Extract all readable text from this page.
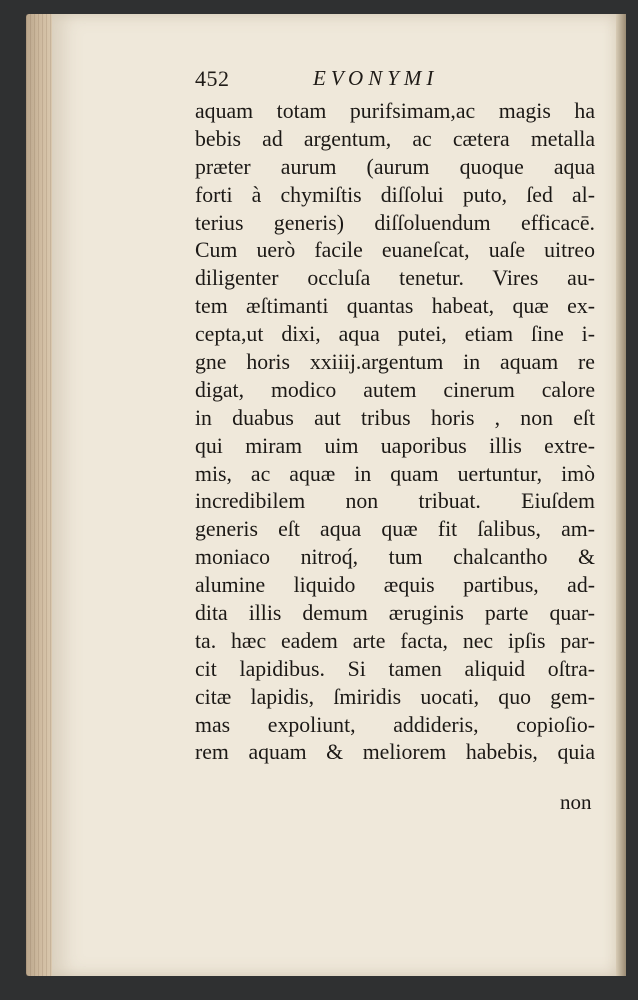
452	EVONYMI
aquam totam purifsimam,ac magis ha
bebis ad argentum, ac cætera metalla
præter aurum (aurum quoque aqua
forti à chymiſtis diſſolui puto, ſed al-
terius generis) diſſoluendum efficacē.
Cum uerò facile euaneſcat, uaſe uitreo
diligenter occluſa tenetur. Vires au-
tem æſtimanti quantas habeat, quæ ex-
cepta,ut dixi, aqua putei, etiam ſine i-
gne horis xxiiij.argentum in aquam re
digat, modico autem cinerum calore
in duabus aut tribus horis , non eſt
qui miram uim uaporibus illis extre-
mis, ac aquæ in quam uertuntur, imò
incredibilem non tribuat. Eiuſdem
generis eſt aqua quæ fit ſalibus, am-
moniaco nitroq́, tum chalcantho &
alumine liquido æquis partibus, ad-
dita illis demum æruginis parte quar-
ta. hæc eadem arte facta, nec ipſis par-
cit lapidibus. Si tamen aliquid oſtra-
citæ lapidis, ſmiridis uocati, quo gem-
mas expoliunt, addideris, copioſio-
rem aquam & meliorem habebis, quia
non
